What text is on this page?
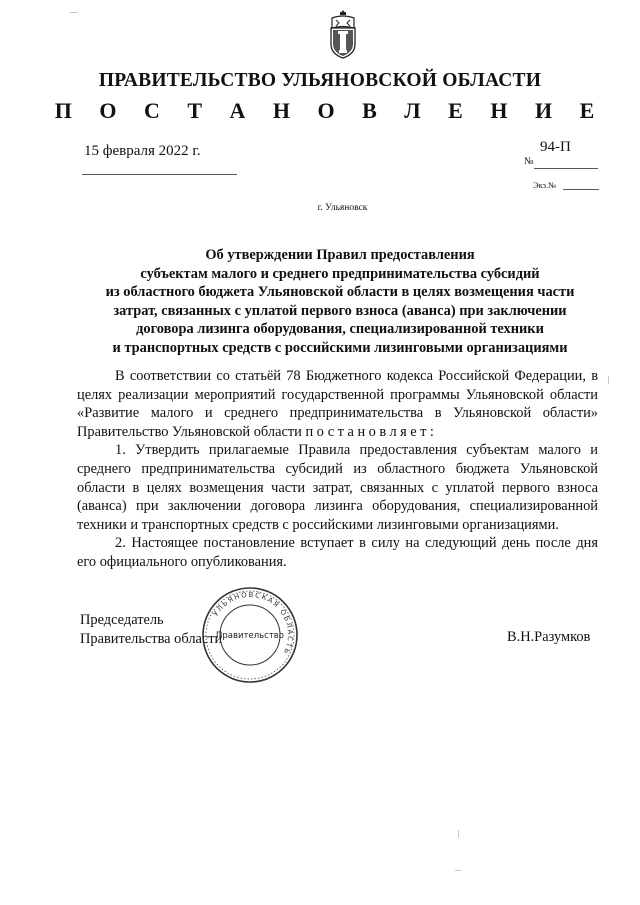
ПРАВИТЕЛЬСТВО УЛЬЯНОВСКОЙ ОБЛАСТИ
П О С Т А Н О В Л Е Н И Е
15 февраля 2022 г.	94-П
№
Экз.№
г. Ульяновск
Об утверждении Правил предоставления
субъектам малого и среднего предпринимательства субсидий
из областного бюджета Ульяновской области в целях возмещения части
затрат, связанных с уплатой первого взноса (аванса) при заключении
договора лизинга оборудования, специализированной техники
и транспортных средств с российскими лизинговыми организациями

В соответствии со статьёй 78 Бюджетного кодекса Российской Федерации, в целях реализации мероприятий государственной программы Ульяновской области «Развитие малого и среднего предпринимательства в Ульяновской области» Правительство Ульяновской области постановляет:

1. Утвердить прилагаемые Правила предоставления субъектам малого и среднего предпринимательства субсидий из областного бюджета Ульяновской области в целях возмещения части затрат, связанных с уплатой первого взноса (аванса) при заключении договора лизинга оборудования, специализированной техники и транспортных средств с российскими лизинговыми организациями.

2. Настоящее постановление вступает в силу на следующий день после дня его официального опубликования.

Председатель
Правительства области
УЛЬЯНОВСКАЯ ОБЛАСТЬ
Правительство	В.Н.Разумков
